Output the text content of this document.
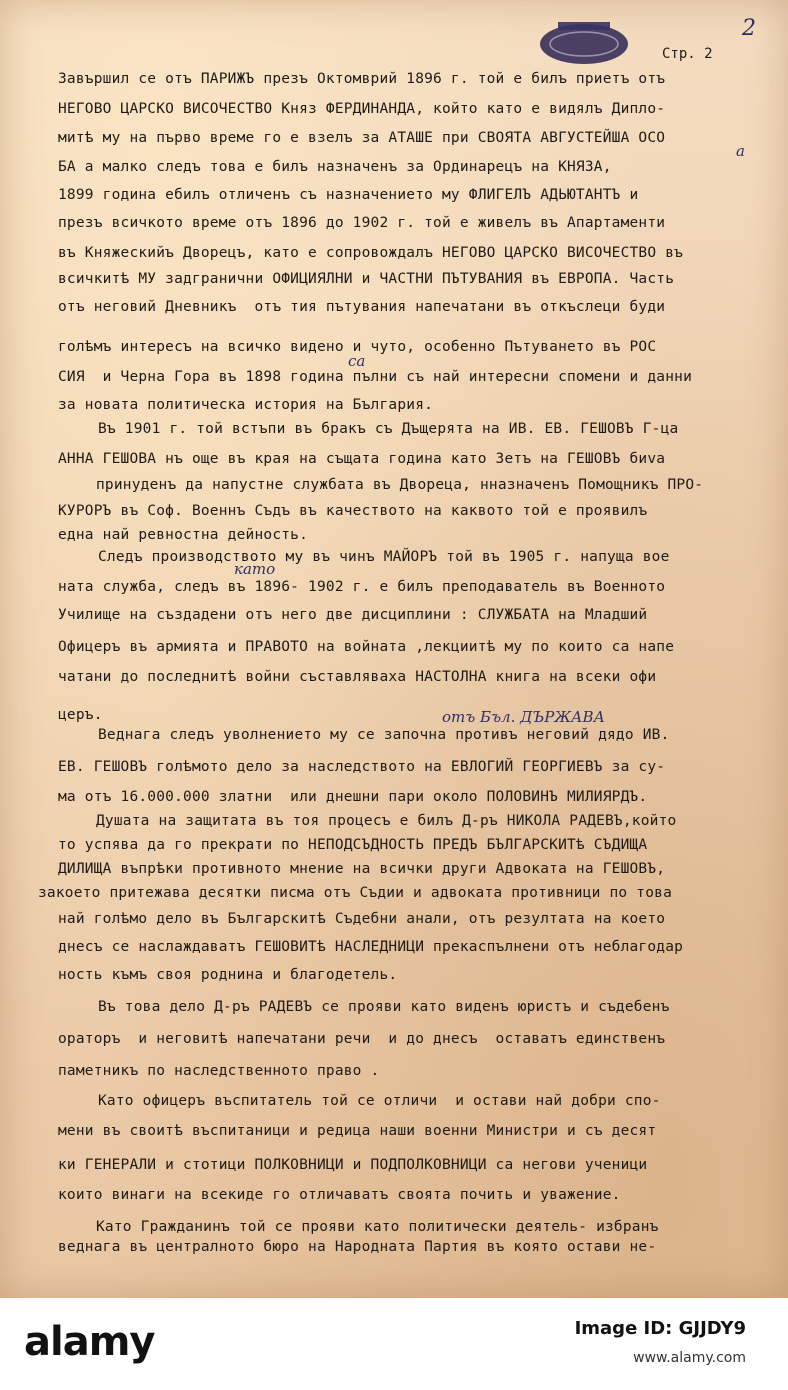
2
Стр. 2
Завършил се отъ ПАРИЖЪ презъ Октомврий 1896 г. той е билъ приетъ отъ
НЕГОВО ЦАРСКО ВИСОЧЕСТВО Княз ФЕРДИНАНДА, който като е видялъ Дипло-
митѣ му на първо време го е взелъ за АТАШЕ при СВОЯТА АВГУСТЕЙША ОСО
БА а малко следъ това е билъ назначенъ за Ординарецъ на КНЯЗА,
1899 година ебилъ отличенъ съ назначението му ФЛИГЕЛЪ АДЬЮТАНТЪ и
презъ всичкото време отъ 1896 до 1902 г. той е живелъ въ Апартаменти
въ Княжескийъ Дворецъ, като е сопровождалъ НЕГОВО ЦАРСКО ВИСОЧЕСТВО въ
всичкитѣ МУ задгранични ОФИЦИЯЛНИ и ЧАСТНИ ПЪТУВАНИЯ въ ЕВРОПА. Часть
отъ неговий Дневникъ  отъ тия пътувания напечатани въ откъслеци буди
голѣмъ интересъ на всичко видено и чуто, особенно Пътуването въ РОС
СИЯ  и Черна Гора въ 1898 година пълни съ най интересни спомени и данни
за новата политическа история на България.
Въ 1901 г. той встъпи въ бракъ съ Дъщерята на ИВ. ЕВ. ГЕШОВЪ Г-ца
АННА ГЕШОВА нъ още въ края на същата година като Зетъ на ГЕШОВЪ биva
принуденъ да напустне службата въ Двореца, нназначенъ Помощникъ ПРО-
КУРОРЪ въ Соф. Военнъ Съдъ въ качеството на каквото той е проявилъ
една най ревностна дейность.
Следъ производството му въ чинъ МАЙОРЪ той въ 1905 г. напуща вое
ната служба, следъ въ 1896- 1902 г. е билъ преподаватель въ Военното
Училище на създадени отъ него две дисциплини : СЛУЖБАТА на Младший
Офицеръ въ армията и ПРАВОТО на войната ,лекциитѣ му по които са напе
чатани до последнитѣ войни съставляваха НАСТОЛНА книга на всеки офи
церъ.
Веднага следъ уволнението му се започна противъ неговий дядо ИВ.
ЕВ. ГЕШОВЪ голѣмото дело за наследството на ЕВЛОГИЙ ГЕОРГИЕВЪ за су-
ма отъ 16.000.000 златни  или днешни пари около ПОЛОВИНЪ МИЛИЯРДЪ.
Душата на защитата въ тоя процесъ е билъ Д-ръ НИКОЛА РАДЕВЪ,който
то успява да го прекрати по НЕПОДСЪДНОСТЬ ПРЕДЪ БЪЛГАРСКИТѣ СЪДИЩА
ДИЛИЩА въпрѣки противното мнение на всички други Адвоката на ГЕШОВЪ,
закоето притежава десятки писма отъ Съдии и адвоката противници по това
най голѣмо дело въ Българскитѣ Съдебни анали, отъ резултата на което
днесъ се наслаждаватъ ГЕШОВИТѣ НАСЛЕДНИЦИ прекаспълнени отъ неблагодар
ность къмъ своя роднина и благодетель.
Въ това дело Д-ръ РАДЕВЪ се прояви като виденъ юристъ и съдебенъ
ораторъ  и неговитѣ напечатани речи  и до днесъ  оставатъ единственъ
паметникъ по наследственното право .
Като офицеръ въспитатель той се отличи  и остави най добри спо-
мени въ своитѣ въспитаници и редица наши военни Министри и съ десят
ки ГЕНЕРАЛИ и стотици ПОЛКОВНИЦИ и ПОДПОЛКОВНИЦИ са негови ученици
които винаги на всекиде го отличаватъ своята почить и уважение.
Като Гражданинъ той се прояви като политически деятель- избранъ
веднага въ централното бюро на Народната Партия въ която остави не-
а
като
са
отъ Бъл. ДЪРЖАВА
alamy	Image ID: GJJDY9
www.alamy.com
